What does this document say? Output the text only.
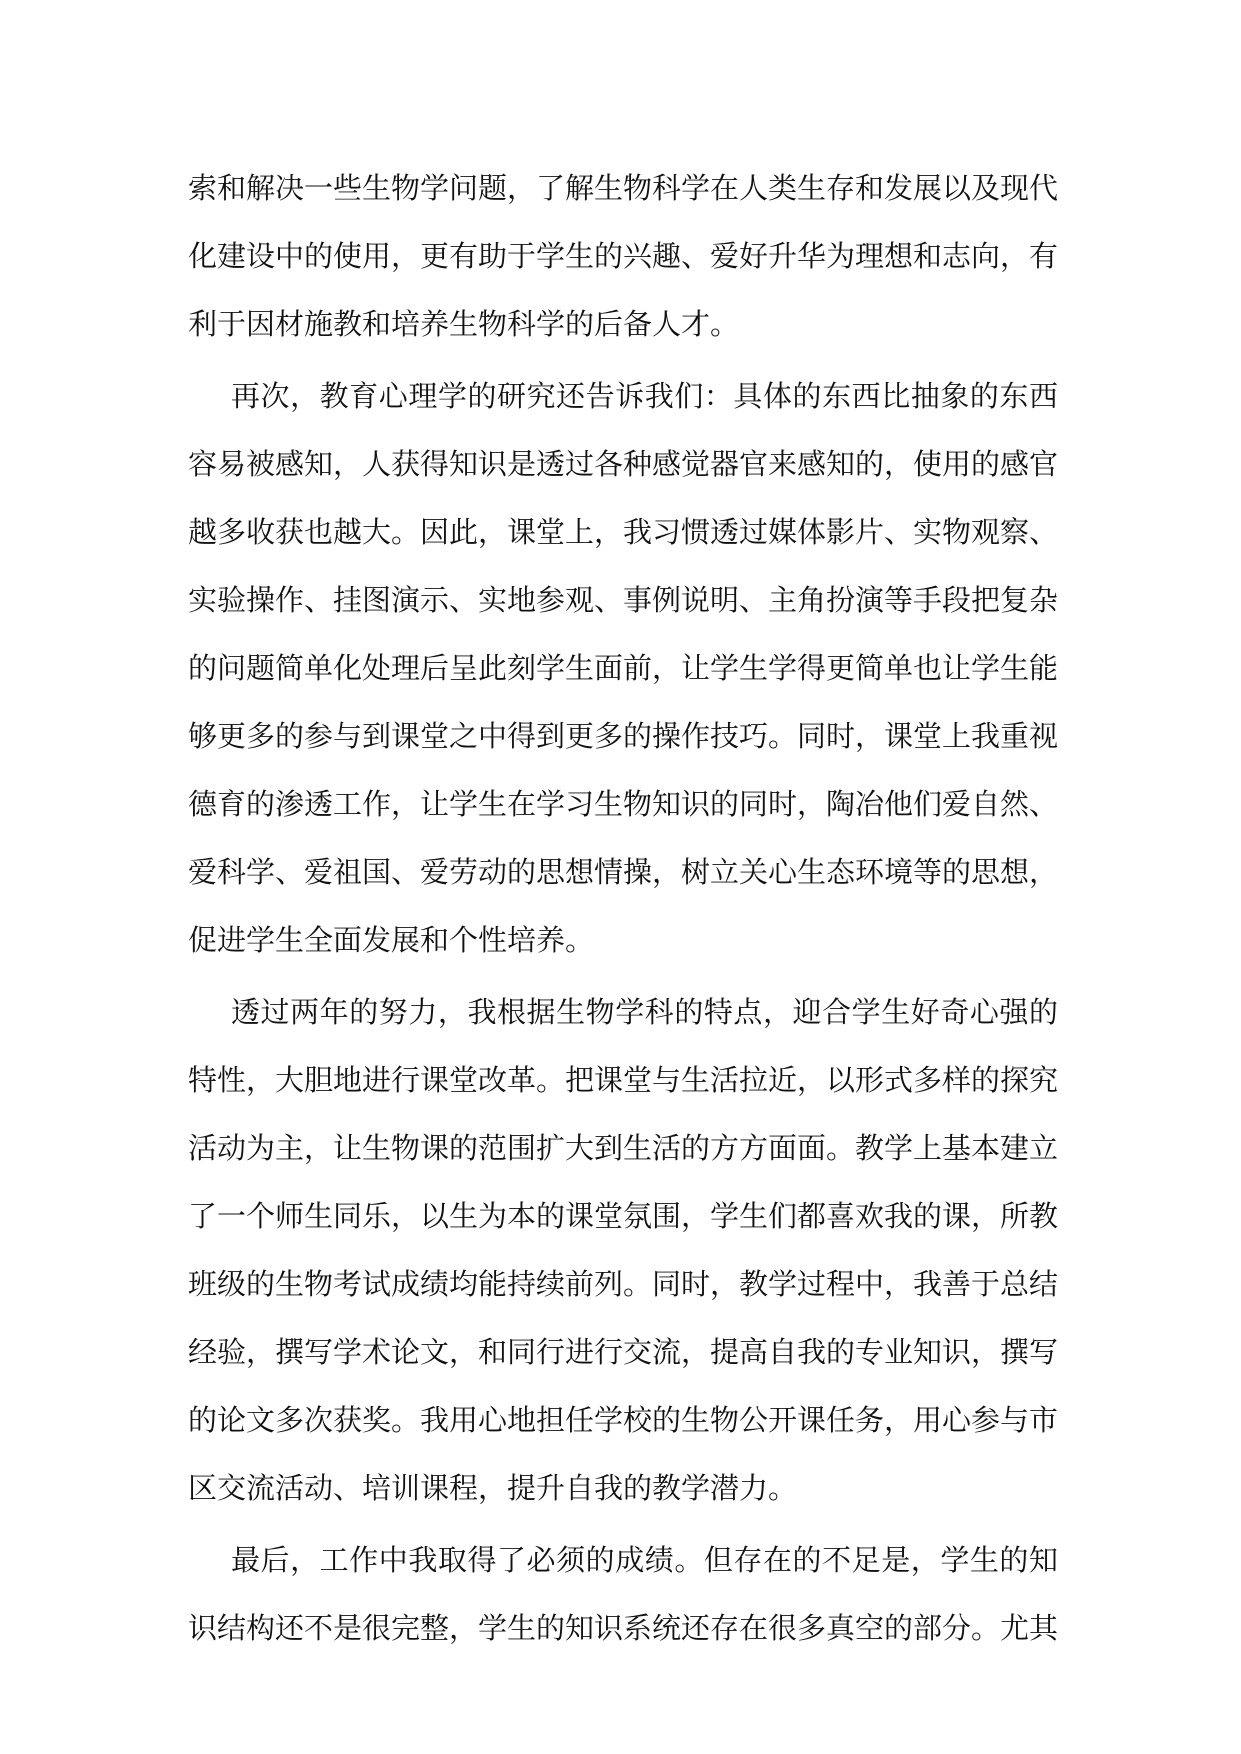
索和解决一些生物学问题，了解生物科学在人类生存和发展以及现代
化建设中的使用，更有助于学生的兴趣、爱好升华为理想和志向，有
利于因材施教和培养生物科学的后备人才。
再次，教育心理学的研究还告诉我们：具体的东西比抽象的东西
容易被感知，人获得知识是透过各种感觉器官来感知的，使用的感官
越多收获也越大。因此，课堂上，我习惯透过媒体影片、实物观察、
实验操作、挂图演示、实地参观、事例说明、主角扮演等手段把复杂
的问题简单化处理后呈此刻学生面前，让学生学得更简单也让学生能
够更多的参与到课堂之中得到更多的操作技巧。同时，课堂上我重视
德育的渗透工作，让学生在学习生物知识的同时，陶冶他们爱自然、
爱科学、爱祖国、爱劳动的思想情操，树立关心生态环境等的思想，
促进学生全面发展和个性培养。
透过两年的努力，我根据生物学科的特点，迎合学生好奇心强的
特性，大胆地进行课堂改革。把课堂与生活拉近，以形式多样的探究
活动为主，让生物课的范围扩大到生活的方方面面。教学上基本建立
了一个师生同乐，以生为本的课堂氛围，学生们都喜欢我的课，所教
班级的生物考试成绩均能持续前列。同时，教学过程中，我善于总结
经验，撰写学术论文，和同行进行交流，提高自我的专业知识，撰写
的论文多次获奖。我用心地担任学校的生物公开课任务，用心参与市
区交流活动、培训课程，提升自我的教学潜力。
最后，工作中我取得了必须的成绩。但存在的不足是，学生的知
识结构还不是很完整，学生的知识系统还存在很多真空的部分。尤其
